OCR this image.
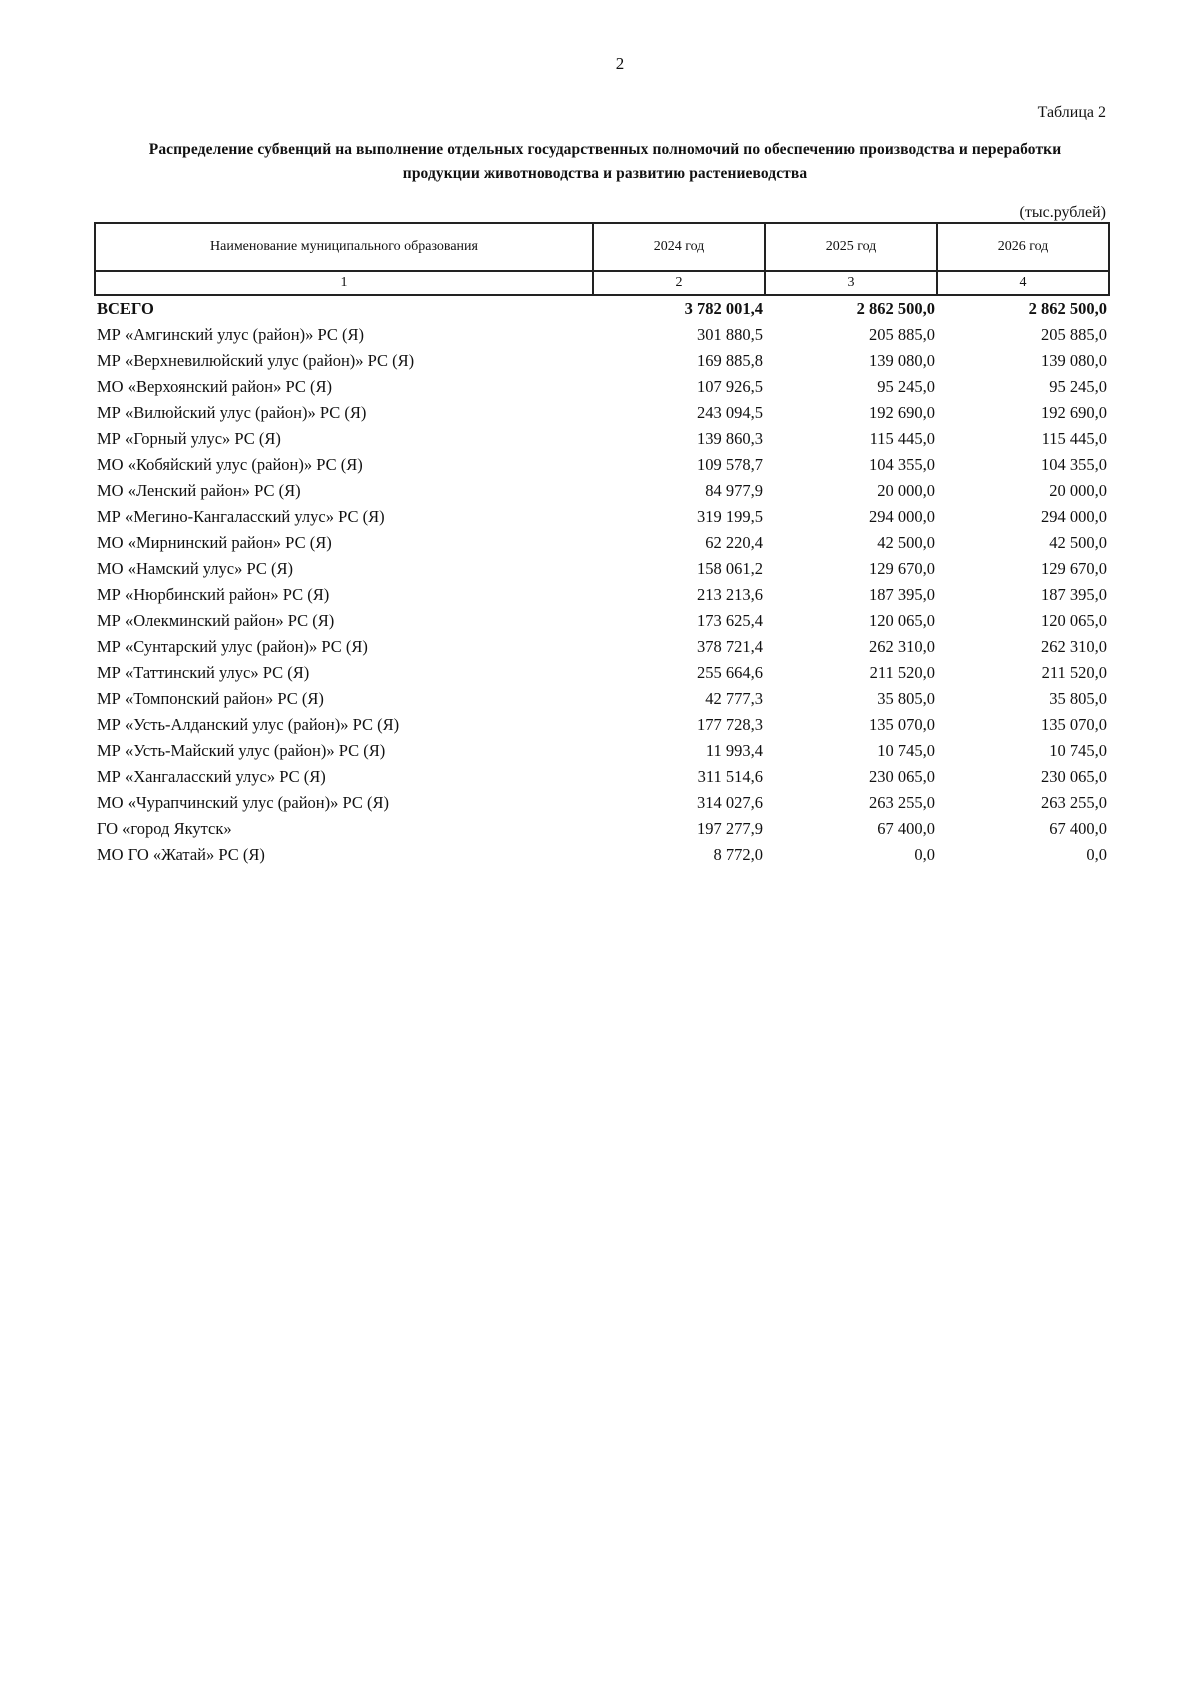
2
Таблица 2
Распределение субвенций на выполнение отдельных государственных полномочий по обеспечению производства и переработки продукции животноводства и развитию растениеводства
(тыс.рублей)
Наименование муниципального образования	2024 год	2025 год	2026 год
1	2	3	4
ВСЕГО	3 782 001,4	2 862 500,0	2 862 500,0
МР «Амгинский улус (район)» РС (Я)	301 880,5	205 885,0	205 885,0
МР «Верхневилюйский улус (район)» РС (Я)	169 885,8	139 080,0	139 080,0
МО «Верхоянский район» РС (Я)	107 926,5	95 245,0	95 245,0
МР «Вилюйский улус (район)» РС (Я)	243 094,5	192 690,0	192 690,0
МР «Горный улус» РС (Я)	139 860,3	115 445,0	115 445,0
МО «Кобяйский улус (район)» РС (Я)	109 578,7	104 355,0	104 355,0
МО «Ленский район» РС (Я)	84 977,9	20 000,0	20 000,0
МР «Мегино-Кангаласский улус» РС (Я)	319 199,5	294 000,0	294 000,0
МО «Мирнинский район» РС (Я)	62 220,4	42 500,0	42 500,0
МО «Намский улус» РС (Я)	158 061,2	129 670,0	129 670,0
МР «Нюрбинский район» РС (Я)	213 213,6	187 395,0	187 395,0
МР «Олекминский район» РС (Я)	173 625,4	120 065,0	120 065,0
МР «Сунтарский улус (район)» РС (Я)	378 721,4	262 310,0	262 310,0
МР «Таттинский улус» РС (Я)	255 664,6	211 520,0	211 520,0
МР «Томпонский район» РС (Я)	42 777,3	35 805,0	35 805,0
МР «Усть-Алданский улус (район)» РС (Я)	177 728,3	135 070,0	135 070,0
МР «Усть-Майский улус (район)» РС (Я)	11 993,4	10 745,0	10 745,0
МР «Хангаласский улус» РС (Я)	311 514,6	230 065,0	230 065,0
МО «Чурапчинский улус (район)» РС (Я)	314 027,6	263 255,0	263 255,0
ГО «город Якутск»	197 277,9	67 400,0	67 400,0
МО ГО «Жатай» РС (Я)	8 772,0	0,0	0,0
